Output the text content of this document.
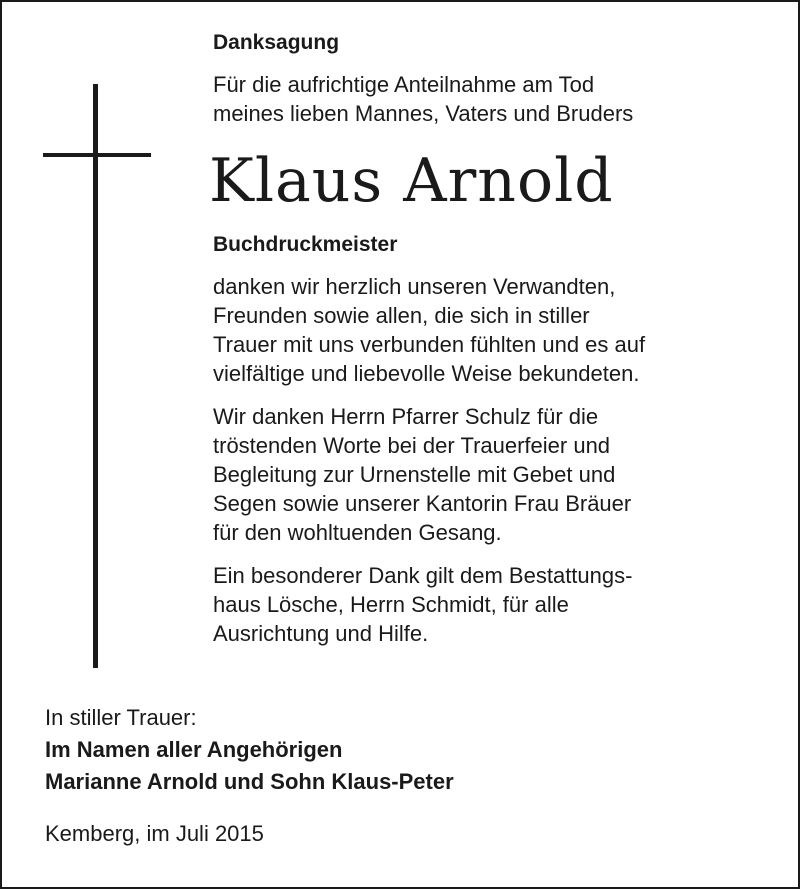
Danksagung
Für die aufrichtige Anteilnahme am Tod
meines lieben Mannes, Vaters und Bruders
Klaus Arnold
Buchdruckmeister
danken wir herzlich unseren Verwandten,
Freunden sowie allen, die sich in stiller
Trauer mit uns verbunden fühlten und es auf
vielfältige und liebevolle Weise bekundeten.
Wir danken Herrn Pfarrer Schulz für die
tröstenden Worte bei der Trauerfeier und
Begleitung zur Urnenstelle mit Gebet und
Segen sowie unserer Kantorin Frau Bräuer
für den wohltuenden Gesang.
Ein besonderer Dank gilt dem Bestattungs-
haus Lösche, Herrn Schmidt, für alle
Ausrichtung und Hilfe.
In stiller Trauer:
Im Namen aller Angehörigen
Marianne Arnold und Sohn Klaus-Peter
Kemberg, im Juli 2015
